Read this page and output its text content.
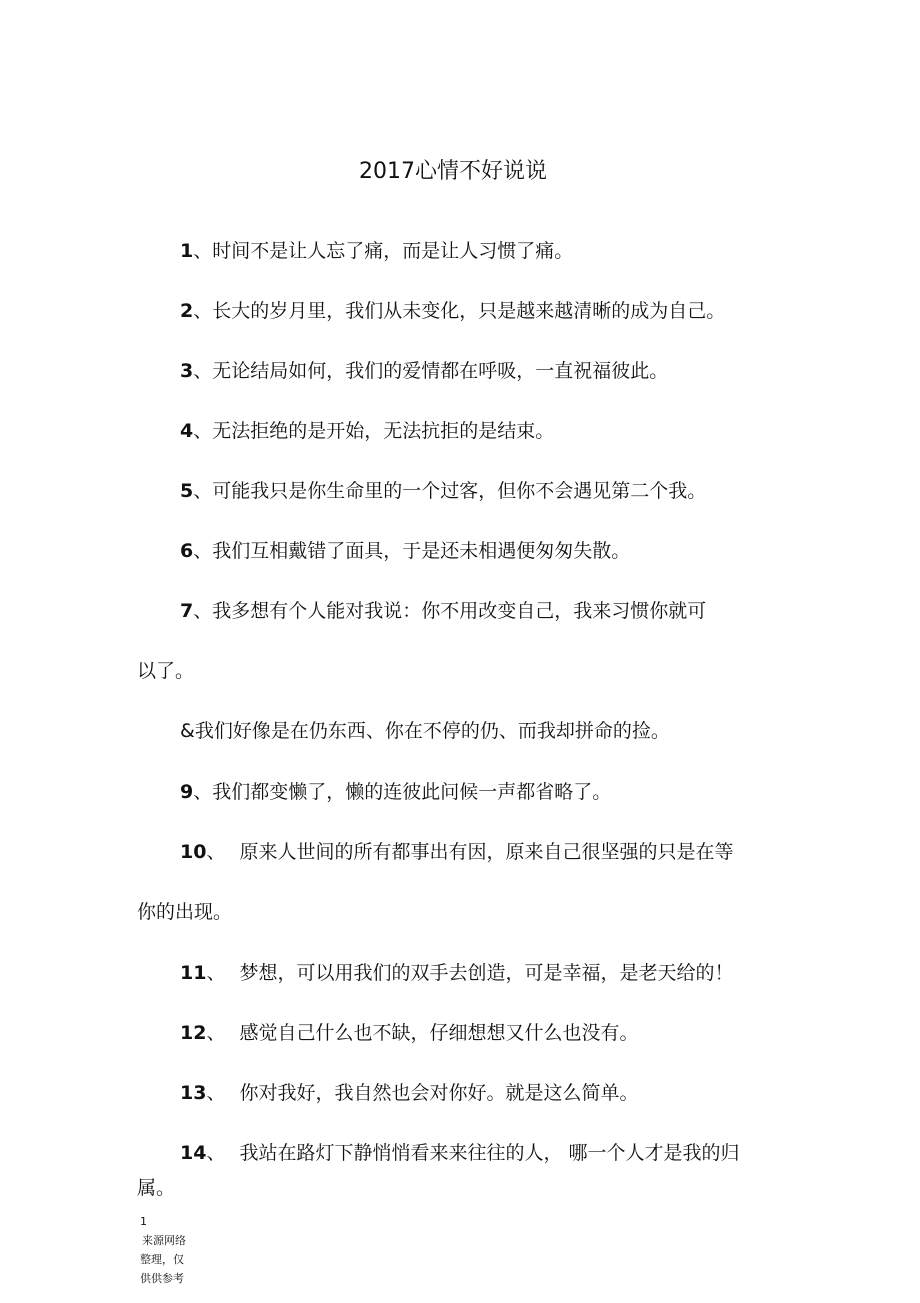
2017心情不好说说
1、时间不是让人忘了痛，而是让人习惯了痛。
2、长大的岁月里，我们从未变化，只是越来越清晰的成为自己。
3、无论结局如何，我们的爱情都在呼吸，一直祝福彼此。
4、无法拒绝的是开始，无法抗拒的是结束。
5、可能我只是你生命里的一个过客，但你不会遇见第二个我。
6、我们互相戴错了面具，于是还未相遇便匆匆失散。
7、我多想有个人能对我说：你不用改变自己，我来习惯你就可
以了。
&我们好像是在仍东西、你在不停的仍、而我却拼命的捡。
9、我们都变懒了，懒的连彼此问候一声都省略了。
10、 原来人世间的所有都事出有因，原来自己很坚强的只是在等
你的出现。
11、 梦想，可以用我们的双手去创造，可是幸福，是老天给的！
12、 感觉自己什么也不缺，仔细想想又什么也没有。
13、 你对我好，我自然也会对你好。就是这么简单。
14、 我站在路灯下静悄悄看来来往往的人， 哪一个人才是我的归
属。
1
来源网络
整理，仅
供供参考
